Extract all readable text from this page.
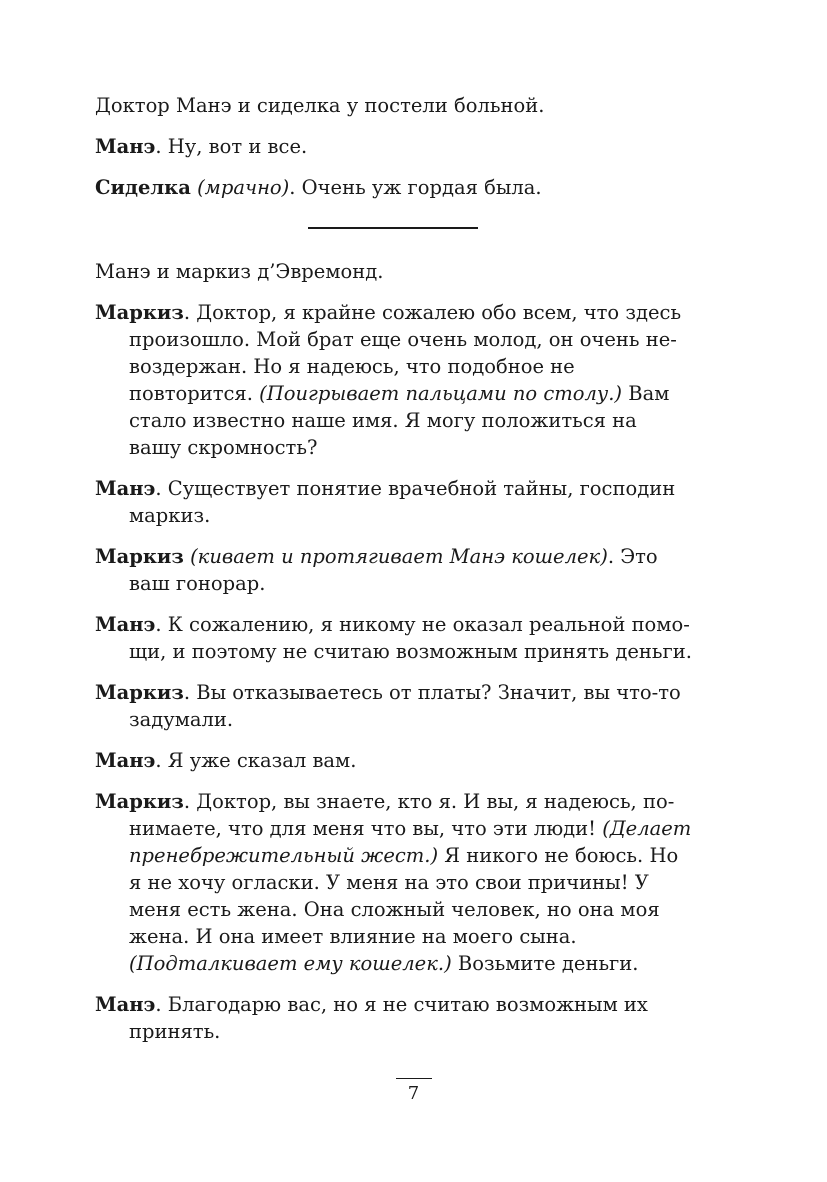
Доктор Манэ и сиделка у постели больной.

Манэ. Ну, вот и все.

Сиделка (мрачно). Очень уж гордая была.

Манэ и маркиз д’Эвремонд.

Маркиз. Доктор, я крайне сожалею обо всем, что здесь произошло. Мой брат еще очень молод, он очень невоздержан. Но я надеюсь, что подобное не повторится. (Поигрывает пальцами по столу.) Вам стало известно наше имя. Я могу положиться на вашу скромность?

Манэ. Существует понятие врачебной тайны, господин маркиз.

Маркиз (кивает и протягивает Манэ кошелек). Это ваш гонорар.

Манэ. К сожалению, я никому не оказал реальной помощи, и поэтому не считаю возможным принять деньги.

Маркиз. Вы отказываетесь от платы? Значит, вы что-то задумали.

Манэ. Я уже сказал вам.

Маркиз. Доктор, вы знаете, кто я. И вы, я надеюсь, понимаете, что для меня что вы, что эти люди! (Делает пренебрежительный жест.) Я никого не боюсь. Но я не хочу огласки. У меня на это свои причины! У меня есть жена. Она сложный человек, но она моя жена. И она имеет влияние на моего сына. (Подталкивает ему кошелек.) Возьмите деньги.

Манэ. Благодарю вас, но я не считаю возможным их принять.

7
